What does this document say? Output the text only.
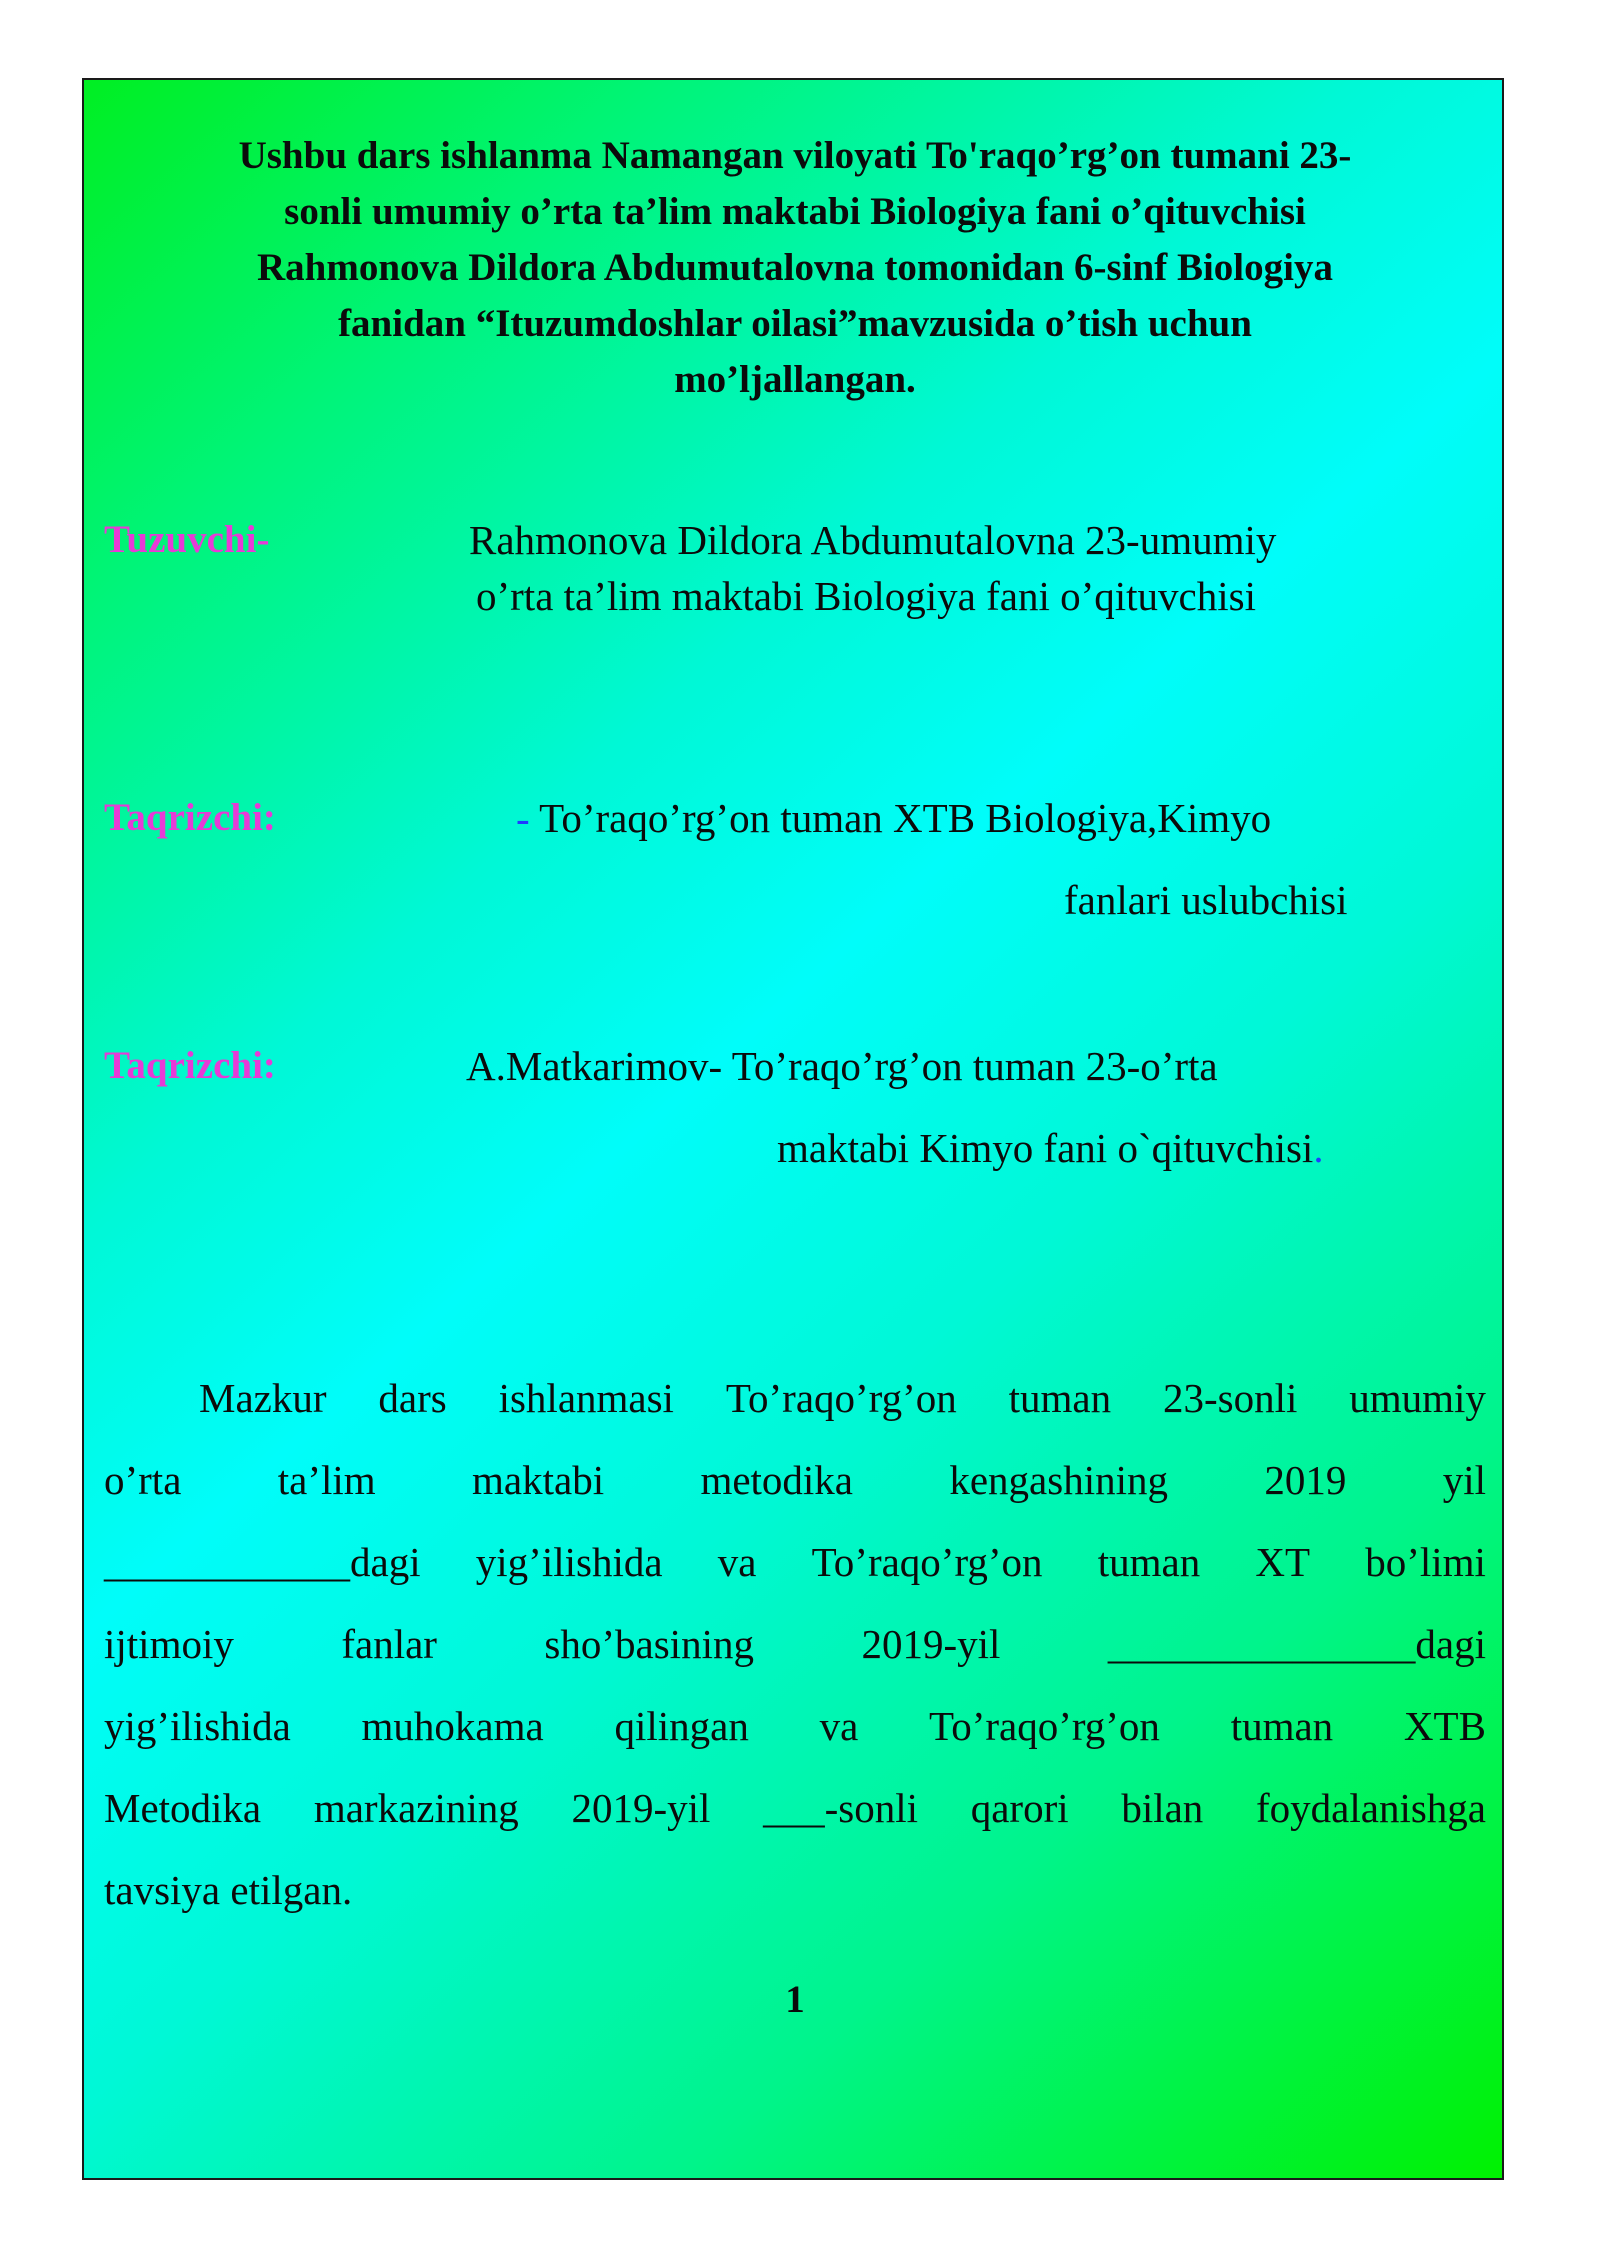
Ushbu dars ishlanma Namangan viloyati To'raqo’rg’on tumani 23-
sonli umumiy o’rta ta’lim maktabi Biologiya fani o’qituvchisi
Rahmonova Dildora Abdumutalovna tomonidan 6-sinf Biologiya
fanidan “Ituzumdoshlar oilasi”mavzusida o’tish uchun
mo’ljallangan.
Tuzuvchi-	Rahmonova Dildora Abdumutalovna 23-umumiy
o’rta ta’lim maktabi Biologiya fani o’qituvchisi
Taqrizchi:	- To’raqo’rg’on tuman XTB Biologiya,Kimyo
fanlari uslubchisi
Taqrizchi:	A.Matkarimov- To’raqo’rg’on tuman 23-o’rta
maktabi Kimyo fani o`qituvchisi.
Mazkur dars ishlanmasi To’raqo’rg’on tuman 23-sonli umumiy
o’rta ta’lim maktabi metodika kengashining 2019 yil
____________dagi yig’ilishida va To’raqo’rg’on tuman XT bo’limi
ijtimoiy	fanlar	sho’basining	2019-yil	_______________dagi
yig’ilishida muhokama qilingan va To’raqo’rg’on tuman XTB
Metodika markazining 2019-yil ___-sonli qarori bilan foydalanishga
tavsiya etilgan.
1
